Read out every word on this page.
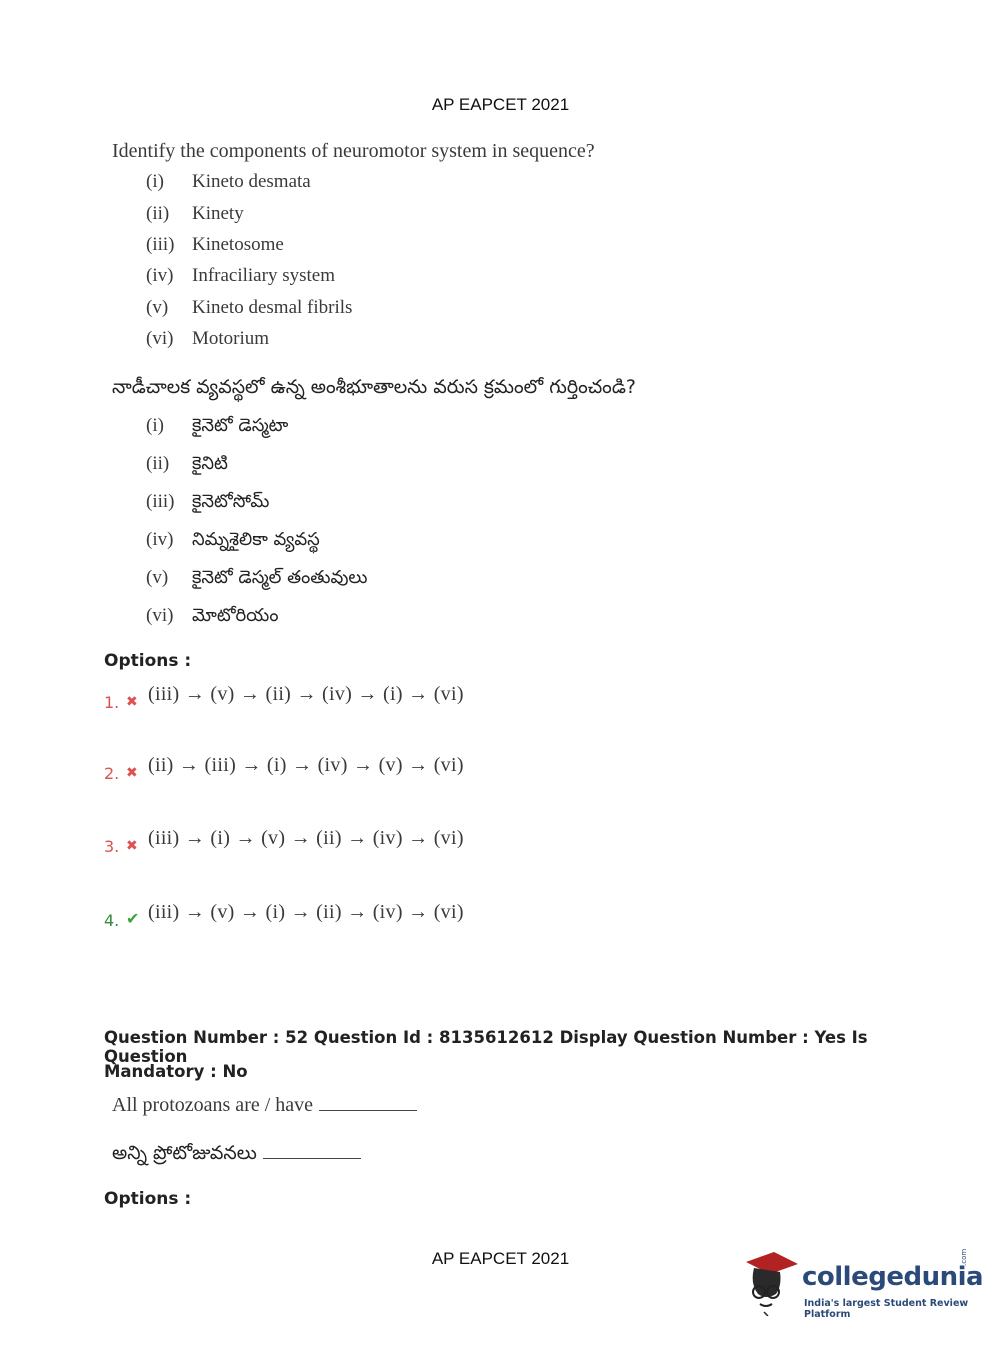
AP EAPCET 2021
Identify the components of neuromotor system in sequence?
(i) Kineto desmata
(ii) Kinety
(iii) Kinetosome
(iv) Infraciliary system
(v) Kineto desmal fibrils
(vi) Motorium
నాడీచాలక వ్యవస్థలో ఉన్న అంశీభూతాలను వరుస క్రమంలో గుర్తించండి?
(i) కైనెటో డెస్మటా
(ii) కైనిటి
(iii) కైనెటోసోమ్
(iv) నిమ్నశైలికా వ్యవస్థ
(v) కైనెటో డెస్మల్ తంతువులు
(vi) మోటోరియం
Options :
1. ✖ (iii) → (v) → (ii) → (iv) → (i) → (vi)
2. ✖ (ii) → (iii) → (i) → (iv) → (v) → (vi)
3. ✖ (iii) → (i) → (v) → (ii) → (iv) → (vi)
4. ✔ (iii) → (v) → (i) → (ii) → (iv) → (vi)
Question Number : 52 Question Id : 8135612612 Display Question Number : Yes Is Question
Mandatory : No
All protozoans are / have
అన్ని ప్రోటోజువనలు
Options :
AP EAPCET 2021
collegedunia
.com
India's largest Student Review Platform
